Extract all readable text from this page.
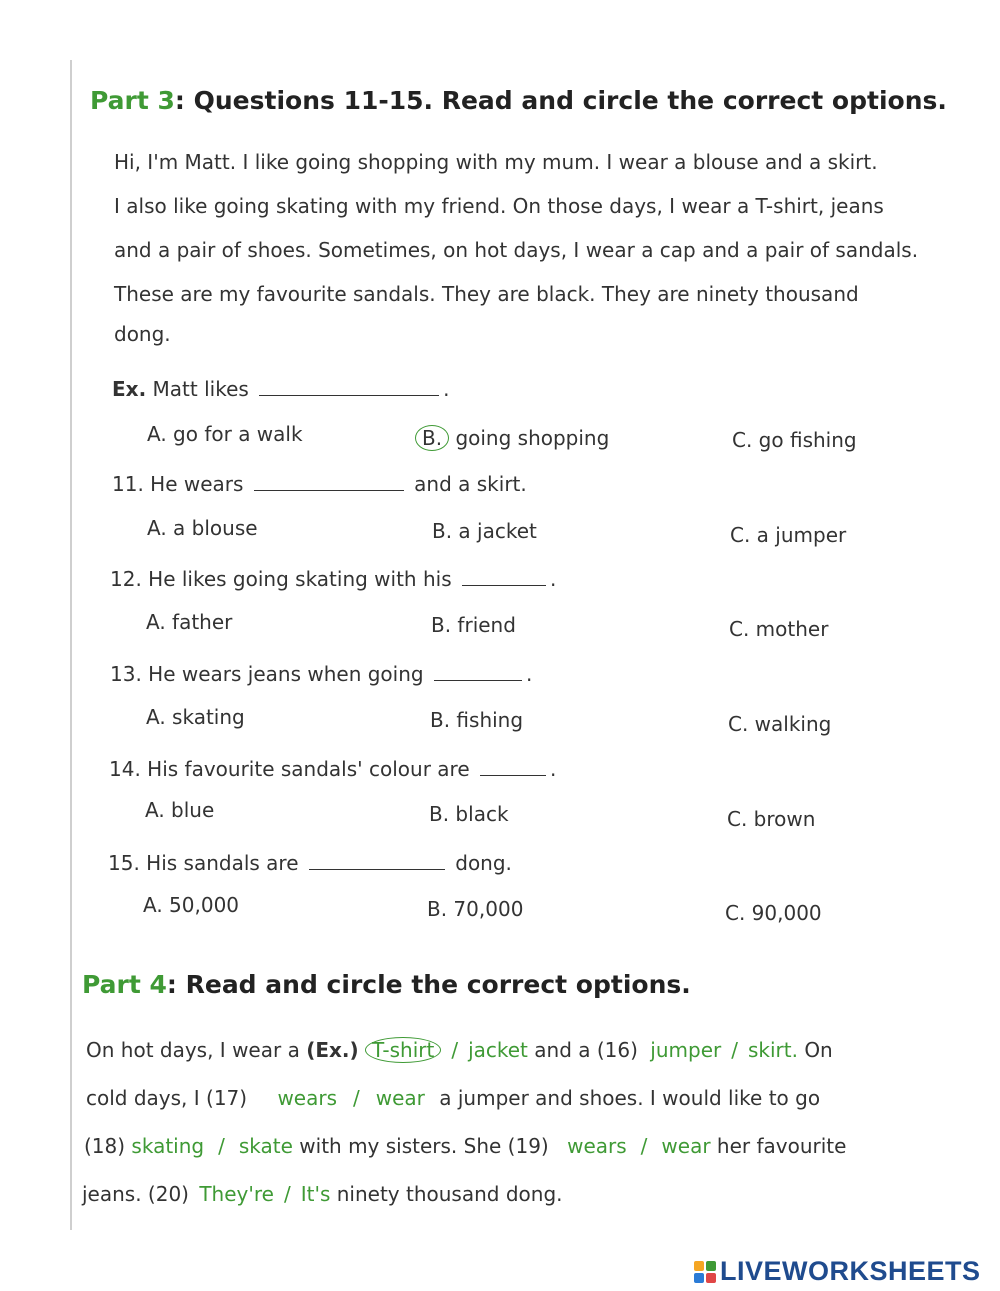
Part 3: Questions 11-15. Read and circle the correct options.
Hi, I'm Matt. I like going shopping with my mum. I wear a blouse and a skirt.
I also like going skating with my friend. On those days, I wear a T-shirt, jeans
and a pair of shoes. Sometimes, on hot days, I wear a cap and a pair of sandals.
These are my favourite sandals. They are black. They are ninety thousand
dong.
Ex. Matt likes	.
A. go for a walk	B. going shopping	C. go fishing
11. He wears	and a skirt.
A. a blouse	B. a jacket	C. a jumper
12. He likes going skating with his	.
A. father	B. friend	C. mother
13. He wears jeans when going	.
A. skating	B. fishing	C. walking
14. His favourite sandals' colour are	.
A. blue	B. black	C. brown
15. His sandals are	dong.
A. 50,000	B. 70,000	C. 90,000
Part 4: Read and circle the correct options.
On hot days, I wear a (Ex.) T-shirt / jacket and a (16) jumper / skirt. On
cold days, I (17) wears / wear a jumper and shoes. I would like to go
(18) skating / skate with my sisters. She (19) wears / wear her favourite
jeans. (20) They're / It's ninety thousand dong.
LIVEWORKSHEETS
